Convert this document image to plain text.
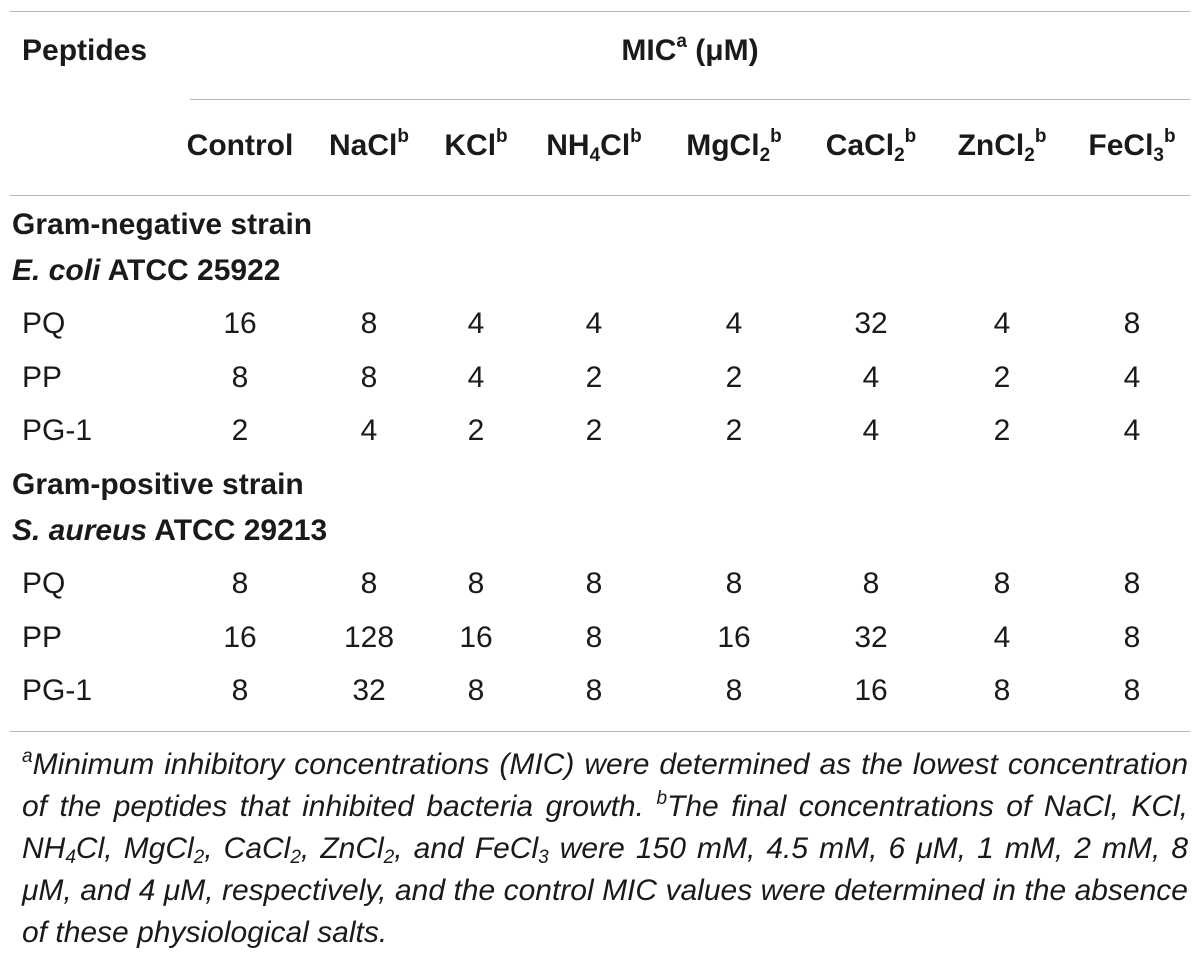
Peptides	MIC$^a$ (μM)
Control NaCl$^b$ KCl$^b$ $NH_4Cl^b$ MgCl$_2^b$ CaCl$_2^b$ ZnCl$_2^b$ FeCl$_3^b$
Gram-negative strain
E. coli ATCC 25922
PQ	16	8	4	4	4	32	4	8
PP	8	8	4	2	2	4	2	4
PG-1	2	4	2	2	2	4	2	4
Gram-positive strain
S. aureus ATCC 29213
PQ	8	8	8	8	8	8	8	8
PP	16	128 16	8	16	32	4	8
PG-1	8	32	8	8	8	16	8	8
$^a$Minimum inhibitory concentrations (MIC) were determined as the lowest concentration of the peptides that inhibited bacteria growth. $^b$The final concentrations of NaCl, KCl, $NH_4Cl$, MgCl$_2$, CaCl$_2$, ZnCl$_2$, and FeCl$_3$ were 150 mM, 4.5 mM, 6 μM, 1 mM, 2 mM, 8 μM, and 4 μM, respectively, and the control MIC values were determined in the absence of these physiological salts.
